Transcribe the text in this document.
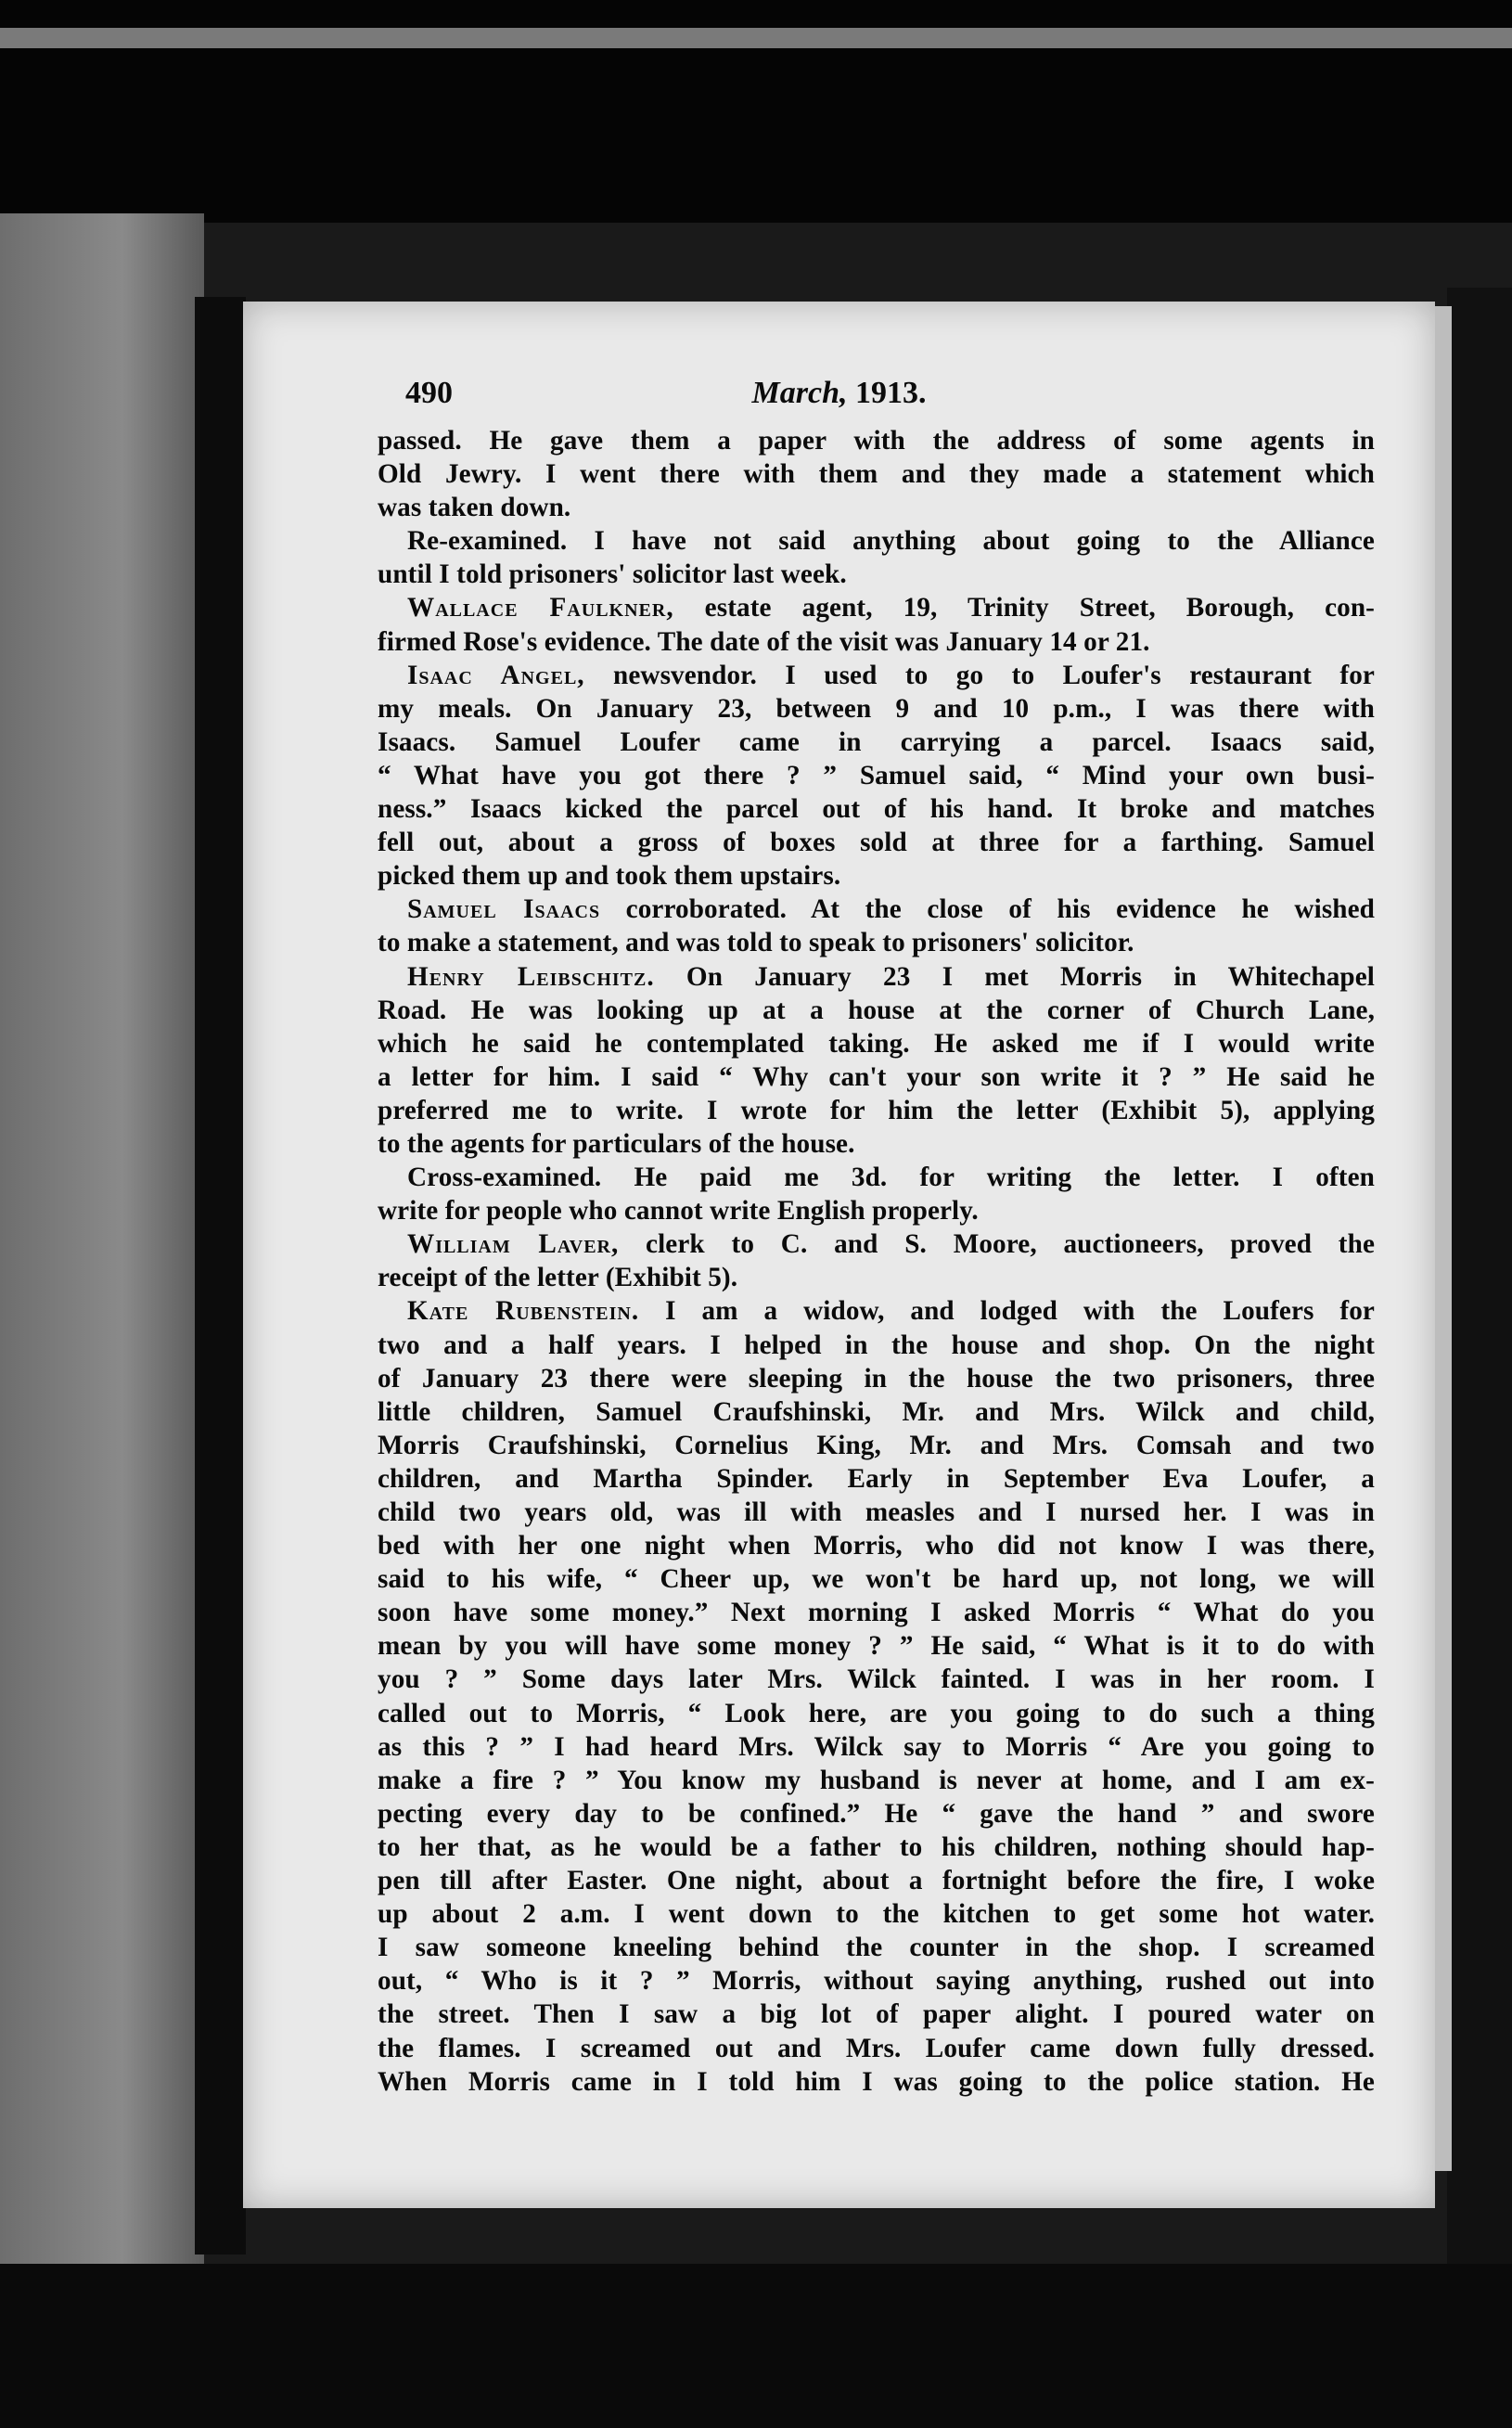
490	March, 1913.
passed. He gave them a paper with the address of some agents in
Old Jewry. I went there with them and they made a statement which
was taken down.
Re-examined. I have not said anything about going to the Alliance
until I told prisoners' solicitor last week.
Wallace Faulkner, estate agent, 19, Trinity Street, Borough, con-
firmed Rose's evidence. The date of the visit was January 14 or 21.
Isaac Angel, newsvendor. I used to go to Loufer's restaurant for
my meals. On January 23, between 9 and 10 p.m., I was there with
Isaacs. Samuel Loufer came in carrying a parcel. Isaacs said,
“ What have you got there ? ” Samuel said, “ Mind your own busi-
ness.” Isaacs kicked the parcel out of his hand. It broke and matches
fell out, about a gross of boxes sold at three for a farthing. Samuel
picked them up and took them upstairs.
Samuel Isaacs corroborated. At the close of his evidence he wished
to make a statement, and was told to speak to prisoners' solicitor.
Henry Leibschitz. On January 23 I met Morris in Whitechapel
Road. He was looking up at a house at the corner of Church Lane,
which he said he contemplated taking. He asked me if I would write
a letter for him. I said “ Why can't your son write it ? ” He said he
preferred me to write. I wrote for him the letter (Exhibit 5), applying
to the agents for particulars of the house.
Cross-examined. He paid me 3d. for writing the letter. I often
write for people who cannot write English properly.
William Laver, clerk to C. and S. Moore, auctioneers, proved the
receipt of the letter (Exhibit 5).
Kate Rubenstein. I am a widow, and lodged with the Loufers for
two and a half years. I helped in the house and shop. On the night
of January 23 there were sleeping in the house the two prisoners, three
little children, Samuel Craufshinski, Mr. and Mrs. Wilck and child,
Morris Craufshinski, Cornelius King, Mr. and Mrs. Comsah and two
children, and Martha Spinder. Early in September Eva Loufer, a
child two years old, was ill with measles and I nursed her. I was in
bed with her one night when Morris, who did not know I was there,
said to his wife, “ Cheer up, we won't be hard up, not long, we will
soon have some money.” Next morning I asked Morris “ What do you
mean by you will have some money ? ” He said, “ What is it to do with
you ? ” Some days later Mrs. Wilck fainted. I was in her room. I
called out to Morris, “ Look here, are you going to do such a thing
as this ? ” I had heard Mrs. Wilck say to Morris “ Are you going to
make a fire ? ” You know my husband is never at home, and I am ex-
pecting every day to be confined.” He “ gave the hand ” and swore
to her that, as he would be a father to his children, nothing should hap-
pen till after Easter. One night, about a fortnight before the fire, I woke
up about 2 a.m. I went down to the kitchen to get some hot water.
I saw someone kneeling behind the counter in the shop. I screamed
out, “ Who is it ? ” Morris, without saying anything, rushed out into
the street. Then I saw a big lot of paper alight. I poured water on
the flames. I screamed out and Mrs. Loufer came down fully dressed.
When Morris came in I told him I was going to the police station. He
